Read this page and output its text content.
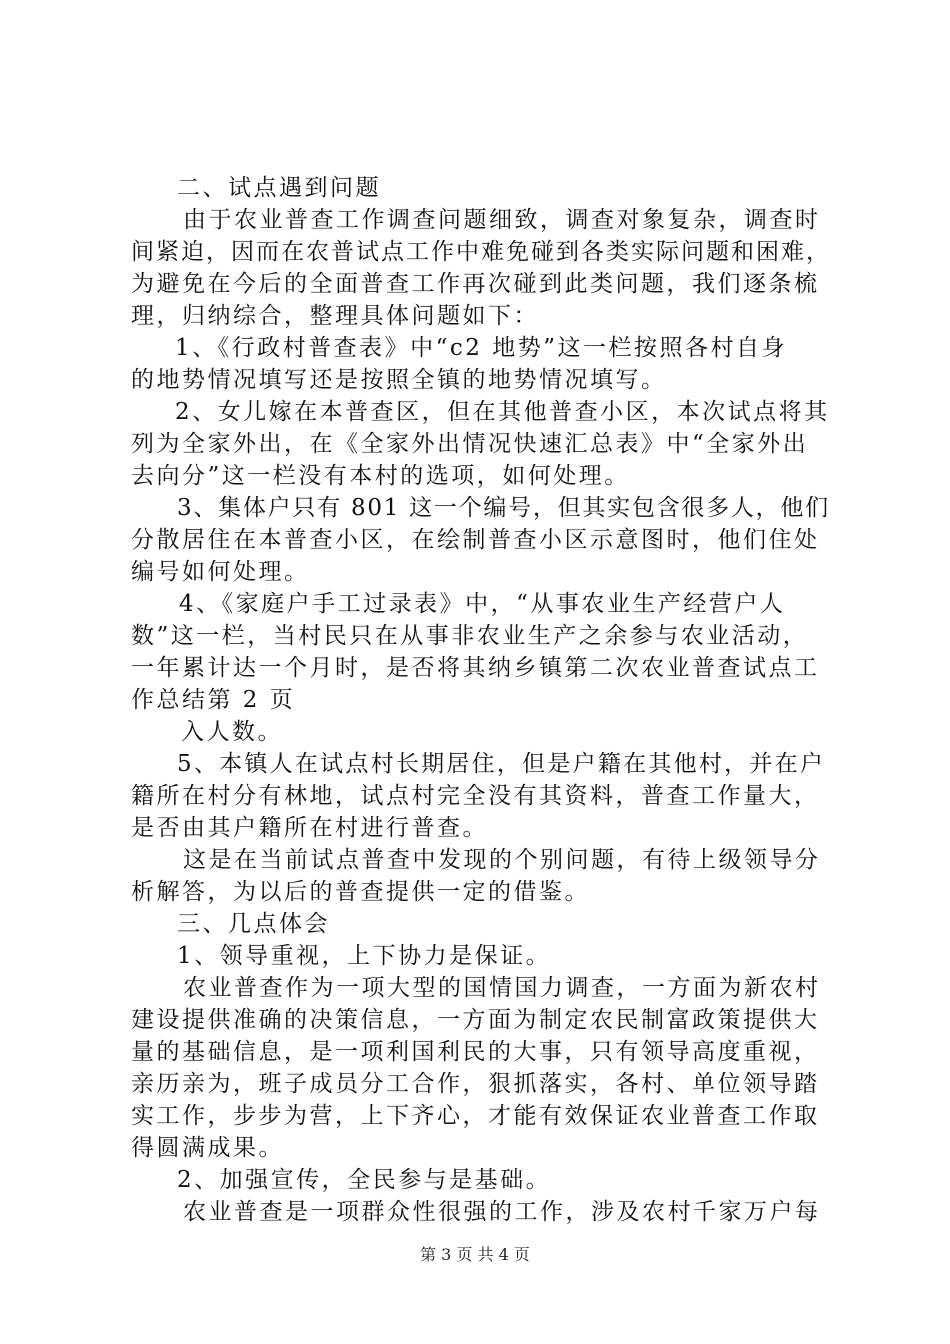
二、试点遇到问题
由于农业普查工作调查问题细致，调查对象复杂，调查时
间紧迫，因而在农普试点工作中难免碰到各类实际问题和困难，
为避免在今后的全面普查工作再次碰到此类问题，我们逐条梳
理，归纳综合，整理具体问题如下：
1、《行政村普查表》中“c2 地势”这一栏按照各村自身
的地势情况填写还是按照全镇的地势情况填写。
2、女儿嫁在本普查区，但在其他普查小区，本次试点将其
列为全家外出，在《全家外出情况快速汇总表》中“全家外出
去向分”这一栏没有本村的选项，如何处理。
3、集体户只有 801 这一个编号，但其实包含很多人，他们
分散居住在本普查小区，在绘制普查小区示意图时，他们住处
编号如何处理。
4、《家庭户手工过录表》中，“从事农业生产经营户人
数”这一栏，当村民只在从事非农业生产之余参与农业活动，
一年累计达一个月时，是否将其纳乡镇第二次农业普查试点工
作总结第 2 页
入人数。
5、本镇人在试点村长期居住，但是户籍在其他村，并在户
籍所在村分有林地，试点村完全没有其资料，普查工作量大，
是否由其户籍所在村进行普查。
这是在当前试点普查中发现的个别问题，有待上级领导分
析解答，为以后的普查提供一定的借鉴。
三、几点体会
1、领导重视，上下协力是保证。
农业普查作为一项大型的国情国力调查，一方面为新农村
建设提供准确的决策信息，一方面为制定农民制富政策提供大
量的基础信息，是一项利国利民的大事，只有领导高度重视，
亲历亲为，班子成员分工合作，狠抓落实，各村、单位领导踏
实工作，步步为营，上下齐心，才能有效保证农业普查工作取
得圆满成果。
2、加强宣传，全民参与是基础。
农业普查是一项群众性很强的工作，涉及农村千家万户每
第 3 页 共 4 页
